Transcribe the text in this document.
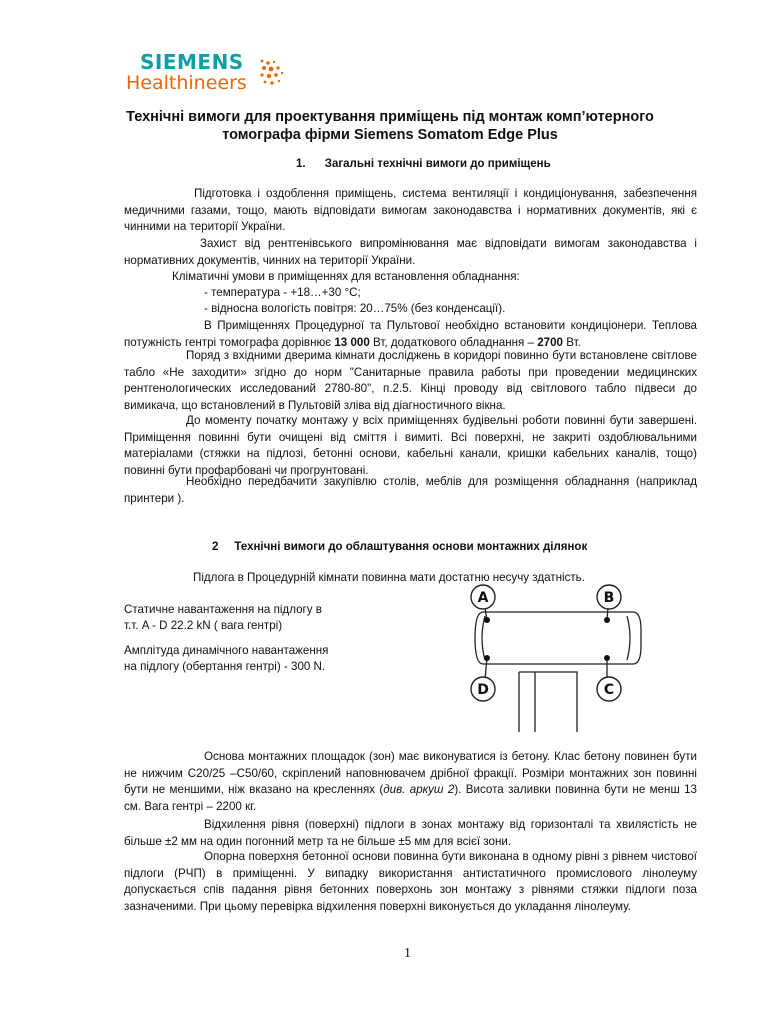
SIEMENS
Healthineers
Технічні вимоги для проектування приміщень під монтаж комп’ютерного томографа фірми Siemens Somatom Edge Plus
1. Загальні технічні вимоги до приміщень
Підготовка і оздоблення приміщень, система вентиляції і кондиціонування, забезпечення медичними газами, тощо, мають відповідати вимогам законодавства і нормативних документів, які є чинними на території України.
Захист від рентгенівського випромінювання має відповідати вимогам законодавства і нормативних документів, чинних на території України.
Кліматичні умови в приміщеннях для встановлення обладнання:
- температура - +18…+30 °С;
- відносна вологість повітря: 20…75% (без конденсації).
В Приміщеннях Процедурної та Пультової необхідно встановити кондиціонери. Теплова потужність гентрі томографа дорівнює 13 000 Вт, додаткового обладнання – 2700 Вт.
Поряд з вхідними дверима кімнати досліджень в коридорі повинно бути встановлене світлове табло «Не заходити» згідно до норм "Санитарные правила работы при проведении медицинских рентгенологических исследований 2780-80", п.2.5. Кінці проводу від світлового табло підвеси до вимикача, що встановлений в Пультовій зліва від діагностичного вікна.
До моменту початку монтажу у всіх приміщеннях будівельні роботи повинні бути завершені. Приміщення повинні бути очищені від сміття і вимиті. Всі поверхні, не закриті оздоблювальними матеріалами (стяжки на підлозі, бетонні основи, кабельні канали, кришки кабельних каналів, тощо) повинні бути профарбовані чи прогрунтовані.
Необхідно передбачити закупівлю столів, меблів для розміщення обладнання (наприклад принтери ).
2 Технічні вимоги до облаштування основи монтажних ділянок
Підлога в Процедурній кімнати повинна мати достатню несучу здатність.
Статичне навантаження на підлогу в
т.т. A - D 22.2 kN ( вага гентрі)
Амплітуда динамічного навантаження
на підлогу (обертання гентрі) - 300 N.
A	B
D	C
Основа монтажних площадок (зон) має виконуватися із бетону. Клас бетону повинен бути не нижчим С20/25 –С50/60, скріплений наповнювачем дрібної фракції. Розміри монтажних зон повинні бути не меншими, ніж вказано на кресленнях (див. аркуш 2). Висота заливки повинна бути не менш 13 см. Вага гентрі – 2200 кг.
Відхилення рівня (поверхні) підлоги в зонах монтажу від горизонталі та хвилястість не більше ±2 мм на один погонний метр та не більше ±5 мм для всієї зони.
Опорна поверхня бетонної основи повинна бути виконана в одному рівні з рівнем чистової підлоги (РЧП) в приміщенні. У випадку використання антистатичного промислового лінолеуму допускається спів падання рівня бетонних поверхонь зон монтажу з рівнями стяжки підлоги поза зазначеними. При цьому перевірка відхилення поверхні виконується до укладання лінолеуму.
1
